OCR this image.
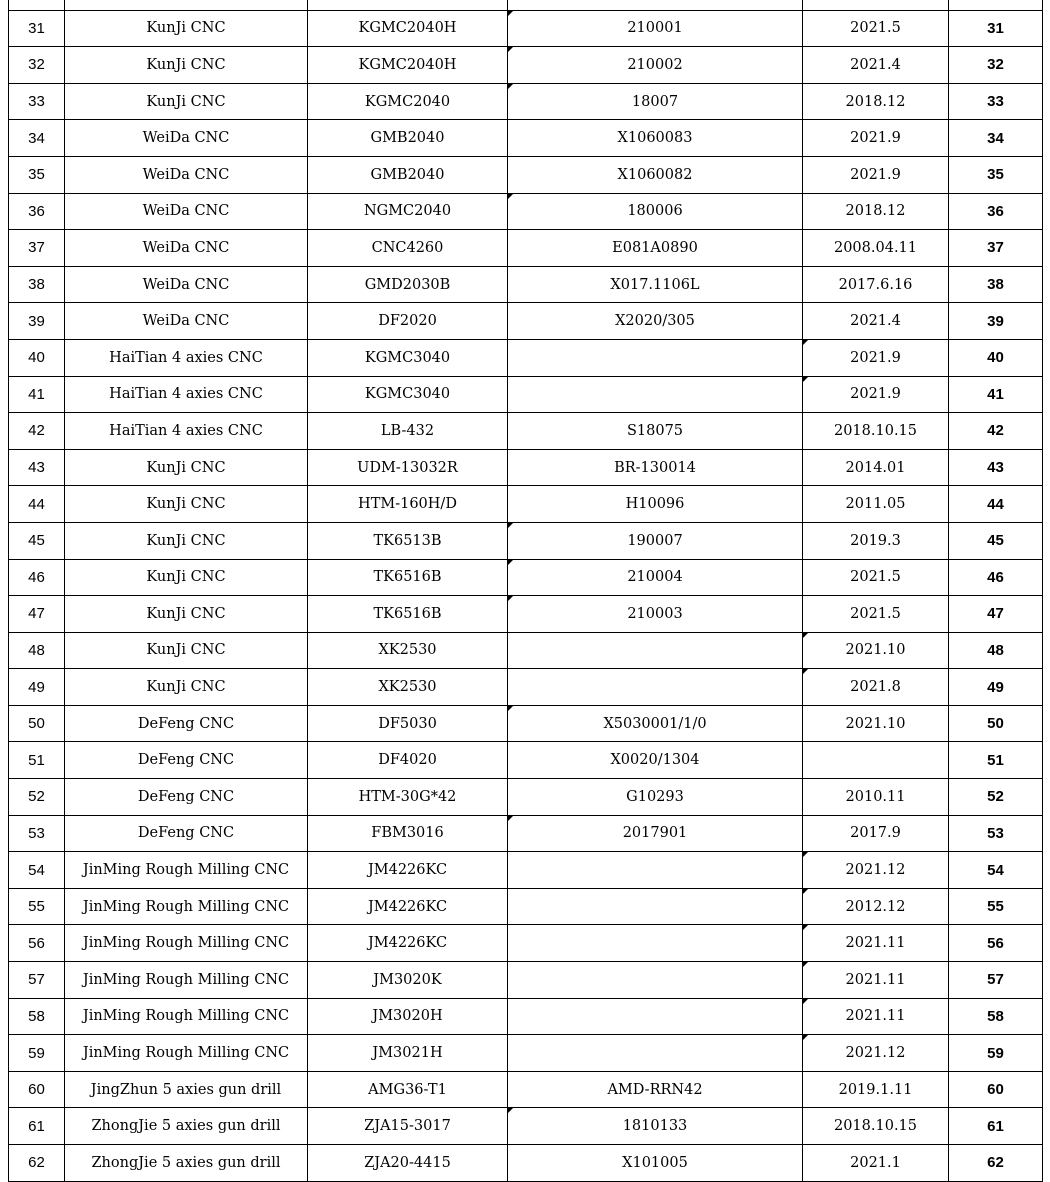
31	KunJi CNC	KGMC2040H	210001	2021.5	31
32	KunJi CNC	KGMC2040H	210002	2021.4	32
33	KunJi CNC	KGMC2040	18007	2018.12	33
34	WeiDa CNC	GMB2040	X1060083	2021.9	34
35	WeiDa CNC	GMB2040	X1060082	2021.9	35
36	WeiDa CNC	NGMC2040	180006	2018.12	36
37	WeiDa CNC	CNC4260	E081A0890	2008.04.11	37
38	WeiDa CNC	GMD2030B	X017.1106L	2017.6.16	38
39	WeiDa CNC	DF2020	X2020/305	2021.4	39
40	HaiTian 4 axies CNC	KGMC3040		2021.9	40
41	HaiTian 4 axies CNC	KGMC3040		2021.9	41
42	HaiTian 4 axies CNC	LB-432	S18075	2018.10.15	42
43	KunJi CNC	UDM-13032R	BR-130014	2014.01	43
44	KunJi CNC	HTM-160H/D	H10096	2011.05	44
45	KunJi CNC	TK6513B	190007	2019.3	45
46	KunJi CNC	TK6516B	210004	2021.5	46
47	KunJi CNC	TK6516B	210003	2021.5	47
48	KunJi CNC	XK2530		2021.10	48
49	KunJi CNC	XK2530		2021.8	49
50	DeFeng CNC	DF5030	X5030001/1/0	2021.10	50
51	DeFeng CNC	DF4020	X0020/1304		51
52	DeFeng CNC	HTM-30G*42	G10293	2010.11	52
53	DeFeng CNC	FBM3016	2017901	2017.9	53
54	JinMing Rough Milling CNC	JM4226KC		2021.12	54
55	JinMing Rough Milling CNC	JM4226KC		2012.12	55
56	JinMing Rough Milling CNC	JM4226KC		2021.11	56
57	JinMing Rough Milling CNC	JM3020K		2021.11	57
58	JinMing Rough Milling CNC	JM3020H		2021.11	58
59	JinMing Rough Milling CNC	JM3021H		2021.12	59
60	JingZhun 5 axies gun drill	AMG36-T1	AMD-RRN42	2019.1.11	60
61	ZhongJie 5 axies gun drill	ZJA15-3017	1810133	2018.10.15	61
62	ZhongJie 5 axies gun drill	ZJA20-4415	X101005	2021.1	62
